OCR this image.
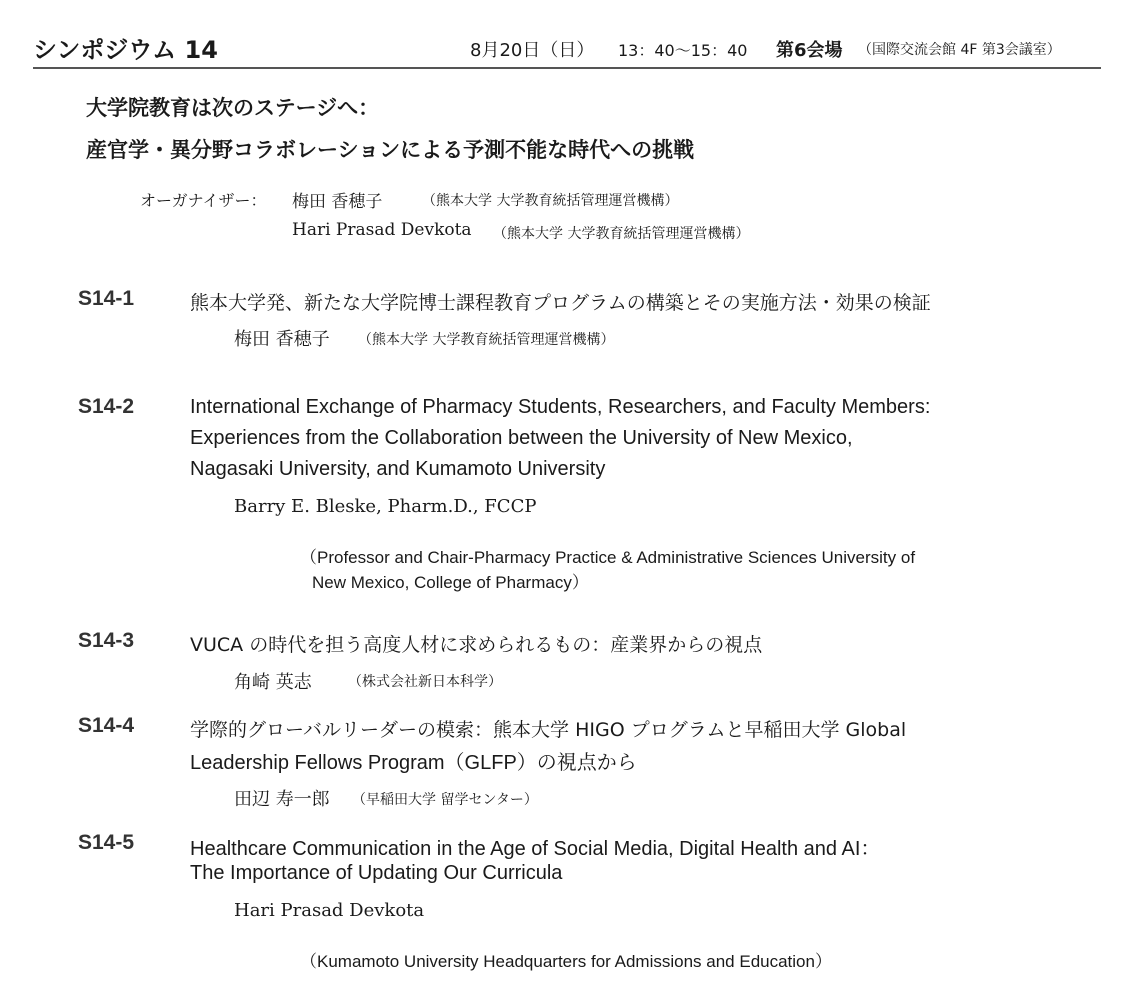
シンポジウム 14	8月20日（日） 13：40〜15：40 第6会場 （国際交流会館 4F 第3会議室）
大学院教育は次のステージへ：
産官学・異分野コラボレーションによる予測不能な時代への挑戦
オーガナイザー： 梅田 香穂子	（熊本大学 大学教育統括管理運営機構）
Hari Prasad Devkota （熊本大学 大学教育統括管理運営機構）
S14-1	熊本大学発、新たな大学院博士課程教育プログラムの構築とその実施方法・効果の検証
梅田 香穂子 （熊本大学 大学教育統括管理運営機構）
S14-2	International Exchange of Pharmacy Students, Researchers, and Faculty Members:
Experiences from the Collaboration between the University of New Mexico,
Nagasaki University, and Kumamoto University
Barry E. Bleske, Pharm.D., FCCP
（Professor and Chair-Pharmacy Practice & Administrative Sciences University of
New Mexico, College of Pharmacy）
S14-3	VUCA の時代を担う高度人材に求められるもの：産業界からの視点
角崎 英志	（株式会社新日本科学）
S14-4	学際的グローバルリーダーの模索：熊本大学 HIGO プログラムと早稲田大学 Global
Leadership Fellows Program（GLFP）の視点から
田辺 寿一郎 （早稲田大学 留学センター）
S14-5	Healthcare Communication in the Age of Social Media, Digital Health and AI：
The Importance of Updating Our Curricula
Hari Prasad Devkota
（Kumamoto University Headquarters for Admissions and Education）
